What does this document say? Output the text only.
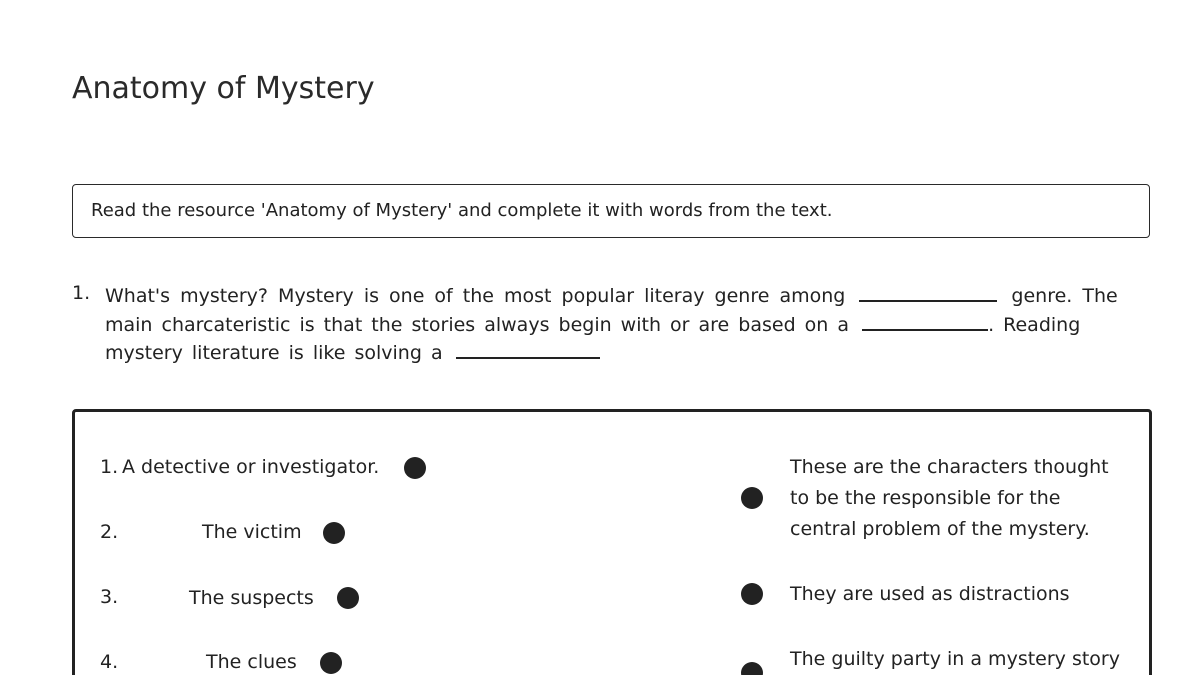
Anatomy of Mystery
Read the resource 'Anatomy of Mystery' and complete it with words from the text.
1. What's mystery? Mystery is one of the most popular literay genre among	genre. The
main charcateristic is that the stories always begin with or are based on a	. Reading
mystery literature is like solving a
1. A detective or investigator.
2.	The victim
3.	The suspects
4.	The clues
These are the characters thought to be the responsible for the central problem of the mystery.
They are used as distractions
The guilty party in a mystery story
